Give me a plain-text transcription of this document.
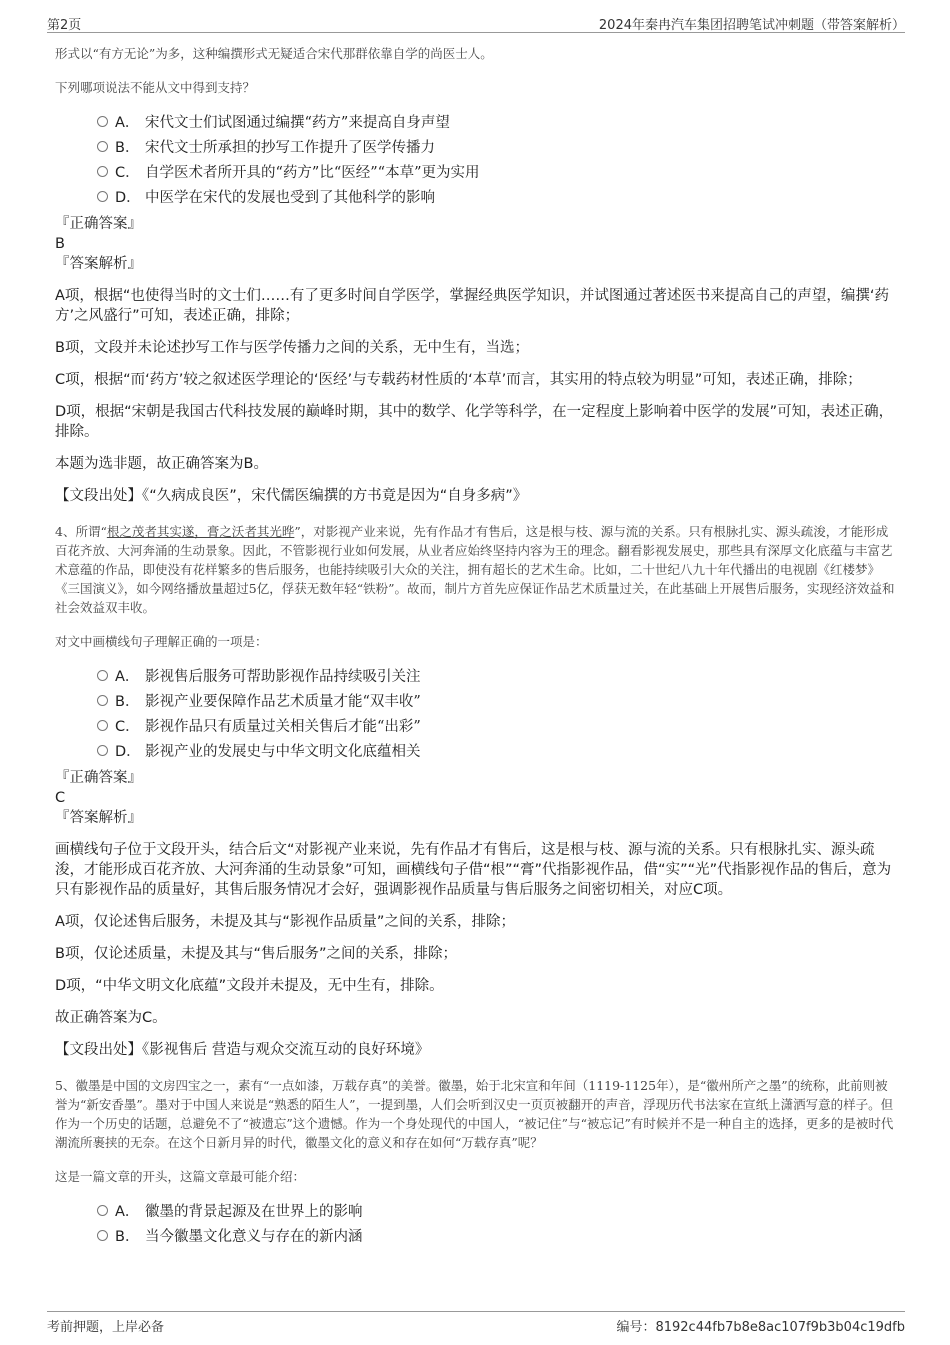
第2页	2024年秦冉汽车集团招聘笔试冲刺题（带答案解析）

形式以“有方无论”为多，这种编撰形式无疑适合宋代那群依靠自学的尚医士人。

下列哪项说法不能从文中得到支持？

A． 宋代文士们试图通过编撰“药方”来提高自身声望
B． 宋代文士所承担的抄写工作提升了医学传播力
C． 自学医术者所开具的“药方”比“医经”“本草”更为实用
D． 中医学在宋代的发展也受到了其他科学的影响

『正确答案』

B

『答案解析』

A项，根据“也使得当时的文士们……有了更多时间自学医学，掌握经典医学知识，并试图通过著述医书来提高自己的声望，编撰‘药方’之风盛行”可知，表述正确，排除；

B项，文段并未论述抄写工作与医学传播力之间的关系，无中生有，当选；

C项，根据“而‘药方’较之叙述医学理论的‘医经’与专载药材性质的‘本草’而言，其实用的特点较为明显”可知，表述正确，排除；

D项，根据“宋朝是我国古代科技发展的巅峰时期，其中的数学、化学等科学，在一定程度上影响着中医学的发展”可知，表述正确，排除。

本题为选非题，故正确答案为B。

【文段出处】《“久病成良医”，宋代儒医编撰的方书竟是因为“自身多病”》

4、所谓“根之茂者其实遂，膏之沃者其光晔”，对影视产业来说，先有作品才有售后，这是根与枝、源与流的关系。只有根脉扎实、源头疏浚，才能形成百花齐放、大河奔涌的生动景象。因此，不管影视行业如何发展，从业者应始终坚持内容为王的理念。翻看影视发展史，那些具有深厚文化底蕴与丰富艺术意蕴的作品，即使没有花样繁多的售后服务，也能持续吸引大众的关注，拥有超长的艺术生命。比如，二十世纪八九十年代播出的电视剧《红楼梦》《三国演义》，如今网络播放量超过5亿，俘获无数年轻“铁粉”。故而，制片方首先应保证作品艺术质量过关，在此基础上开展售后服务，实现经济效益和社会效益双丰收。

对文中画横线句子理解正确的一项是：

A． 影视售后服务可帮助影视作品持续吸引关注
B． 影视产业要保障作品艺术质量才能“双丰收”
C． 影视作品只有质量过关相关售后才能“出彩”
D． 影视产业的发展史与中华文明文化底蕴相关

『正确答案』

C

『答案解析』

画横线句子位于文段开头，结合后文“对影视产业来说，先有作品才有售后，这是根与枝、源与流的关系。只有根脉扎实、源头疏浚，才能形成百花齐放、大河奔涌的生动景象”可知，画横线句子借“根”“膏”代指影视作品，借“实”“光”代指影视作品的售后，意为只有影视作品的质量好，其售后服务情况才会好，强调影视作品质量与售后服务之间密切相关，对应C项。

A项，仅论述售后服务，未提及其与“影视作品质量”之间的关系，排除；

B项，仅论述质量，未提及其与“售后服务”之间的关系，排除；

D项，“中华文明文化底蕴”文段并未提及，无中生有，排除。

故正确答案为C。

【文段出处】《影视售后 营造与观众交流互动的良好环境》

5、徽墨是中国的文房四宝之一，素有“一点如漆，万载存真”的美誉。徽墨，始于北宋宣和年间（1119-1125年），是“徽州所产之墨”的统称，此前则被誉为“新安香墨”。墨对于中国人来说是“熟悉的陌生人”，一提到墨，人们会听到汉史一页页被翻开的声音，浮现历代书法家在宣纸上潇洒写意的样子。但作为一个历史的话题，总避免不了“被遗忘”这个遗憾。作为一个身处现代的中国人，“被记住”与“被忘记”有时候并不是一种自主的选择，更多的是被时代潮流所裹挟的无奈。在这个日新月异的时代，徽墨文化的意义和存在如何“万载存真”呢？

这是一篇文章的开头，这篇文章最可能介绍：

A． 徽墨的背景起源及在世界上的影响
B． 当今徽墨文化意义与存在的新内涵
考前押题，上岸必备	编号：8192c44fb7b8e8ac107f9b3b04c19dfb
